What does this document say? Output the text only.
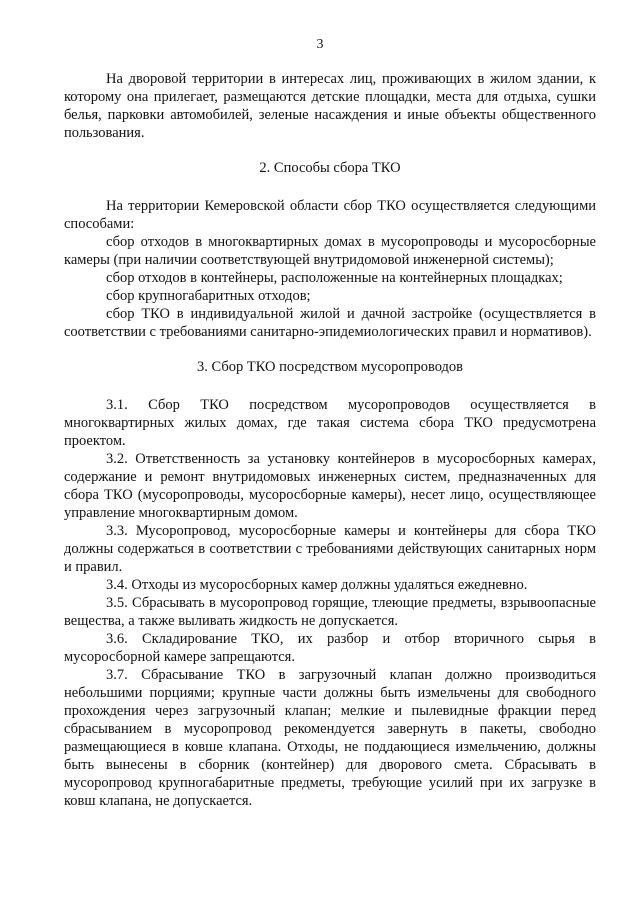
3

На дворовой территории в интересах лиц, проживающих в жилом здании, к которому она прилегает, размещаются детские площадки, места для отдыха, сушки белья, парковки автомобилей, зеленые насаждения и иные объекты общественного пользования.

2. Способы сбора ТКО

На территории Кемеровской области сбор ТКО осуществляется следующими способами:

сбор отходов в многоквартирных домах в мусоропроводы и мусоросборные камеры (при наличии соответствующей внутридомовой инженерной системы);

сбор отходов в контейнеры, расположенные на контейнерных площадках;

сбор крупногабаритных отходов;

сбор ТКО в индивидуальной жилой и дачной застройке (осуществляется в соответствии с требованиями санитарно-эпидемиологических правил и нормативов).

3. Сбор ТКО посредством мусоропроводов

3.1. Сбор ТКО посредством мусоропроводов осуществляется в многоквартирных жилых домах, где такая система сбора ТКО предусмотрена проектом.

3.2. Ответственность за установку контейнеров в мусоросборных камерах, содержание и ремонт внутридомовых инженерных систем, предназначенных для сбора ТКО (мусоропроводы, мусоросборные камеры), несет лицо, осуществляющее управление многоквартирным домом.

3.3. Мусоропровод, мусоросборные камеры и контейнеры для сбора ТКО должны содержаться в соответствии с требованиями действующих санитарных норм и правил.

3.4. Отходы из мусоросборных камер должны удаляться ежедневно.

3.5. Сбрасывать в мусоропровод горящие, тлеющие предметы, взрывоопасные вещества, а также выливать жидкость не допускается.

3.6. Складирование ТКО, их разбор и отбор вторичного сырья в мусоросборной камере запрещаются.

3.7. Сбрасывание ТКО в загрузочный клапан должно производиться небольшими порциями; крупные части должны быть измельчены для свободного прохождения через загрузочный клапан; мелкие и пылевидные фракции перед сбрасыванием в мусоропровод рекомендуется завернуть в пакеты, свободно размещающиеся в ковше клапана. Отходы, не поддающиеся измельчению, должны быть вынесены в сборник (контейнер) для дворового смета. Сбрасывать в мусоропровод крупногабаритные предметы, требующие усилий при их загрузке в ковш клапана, не допускается.
